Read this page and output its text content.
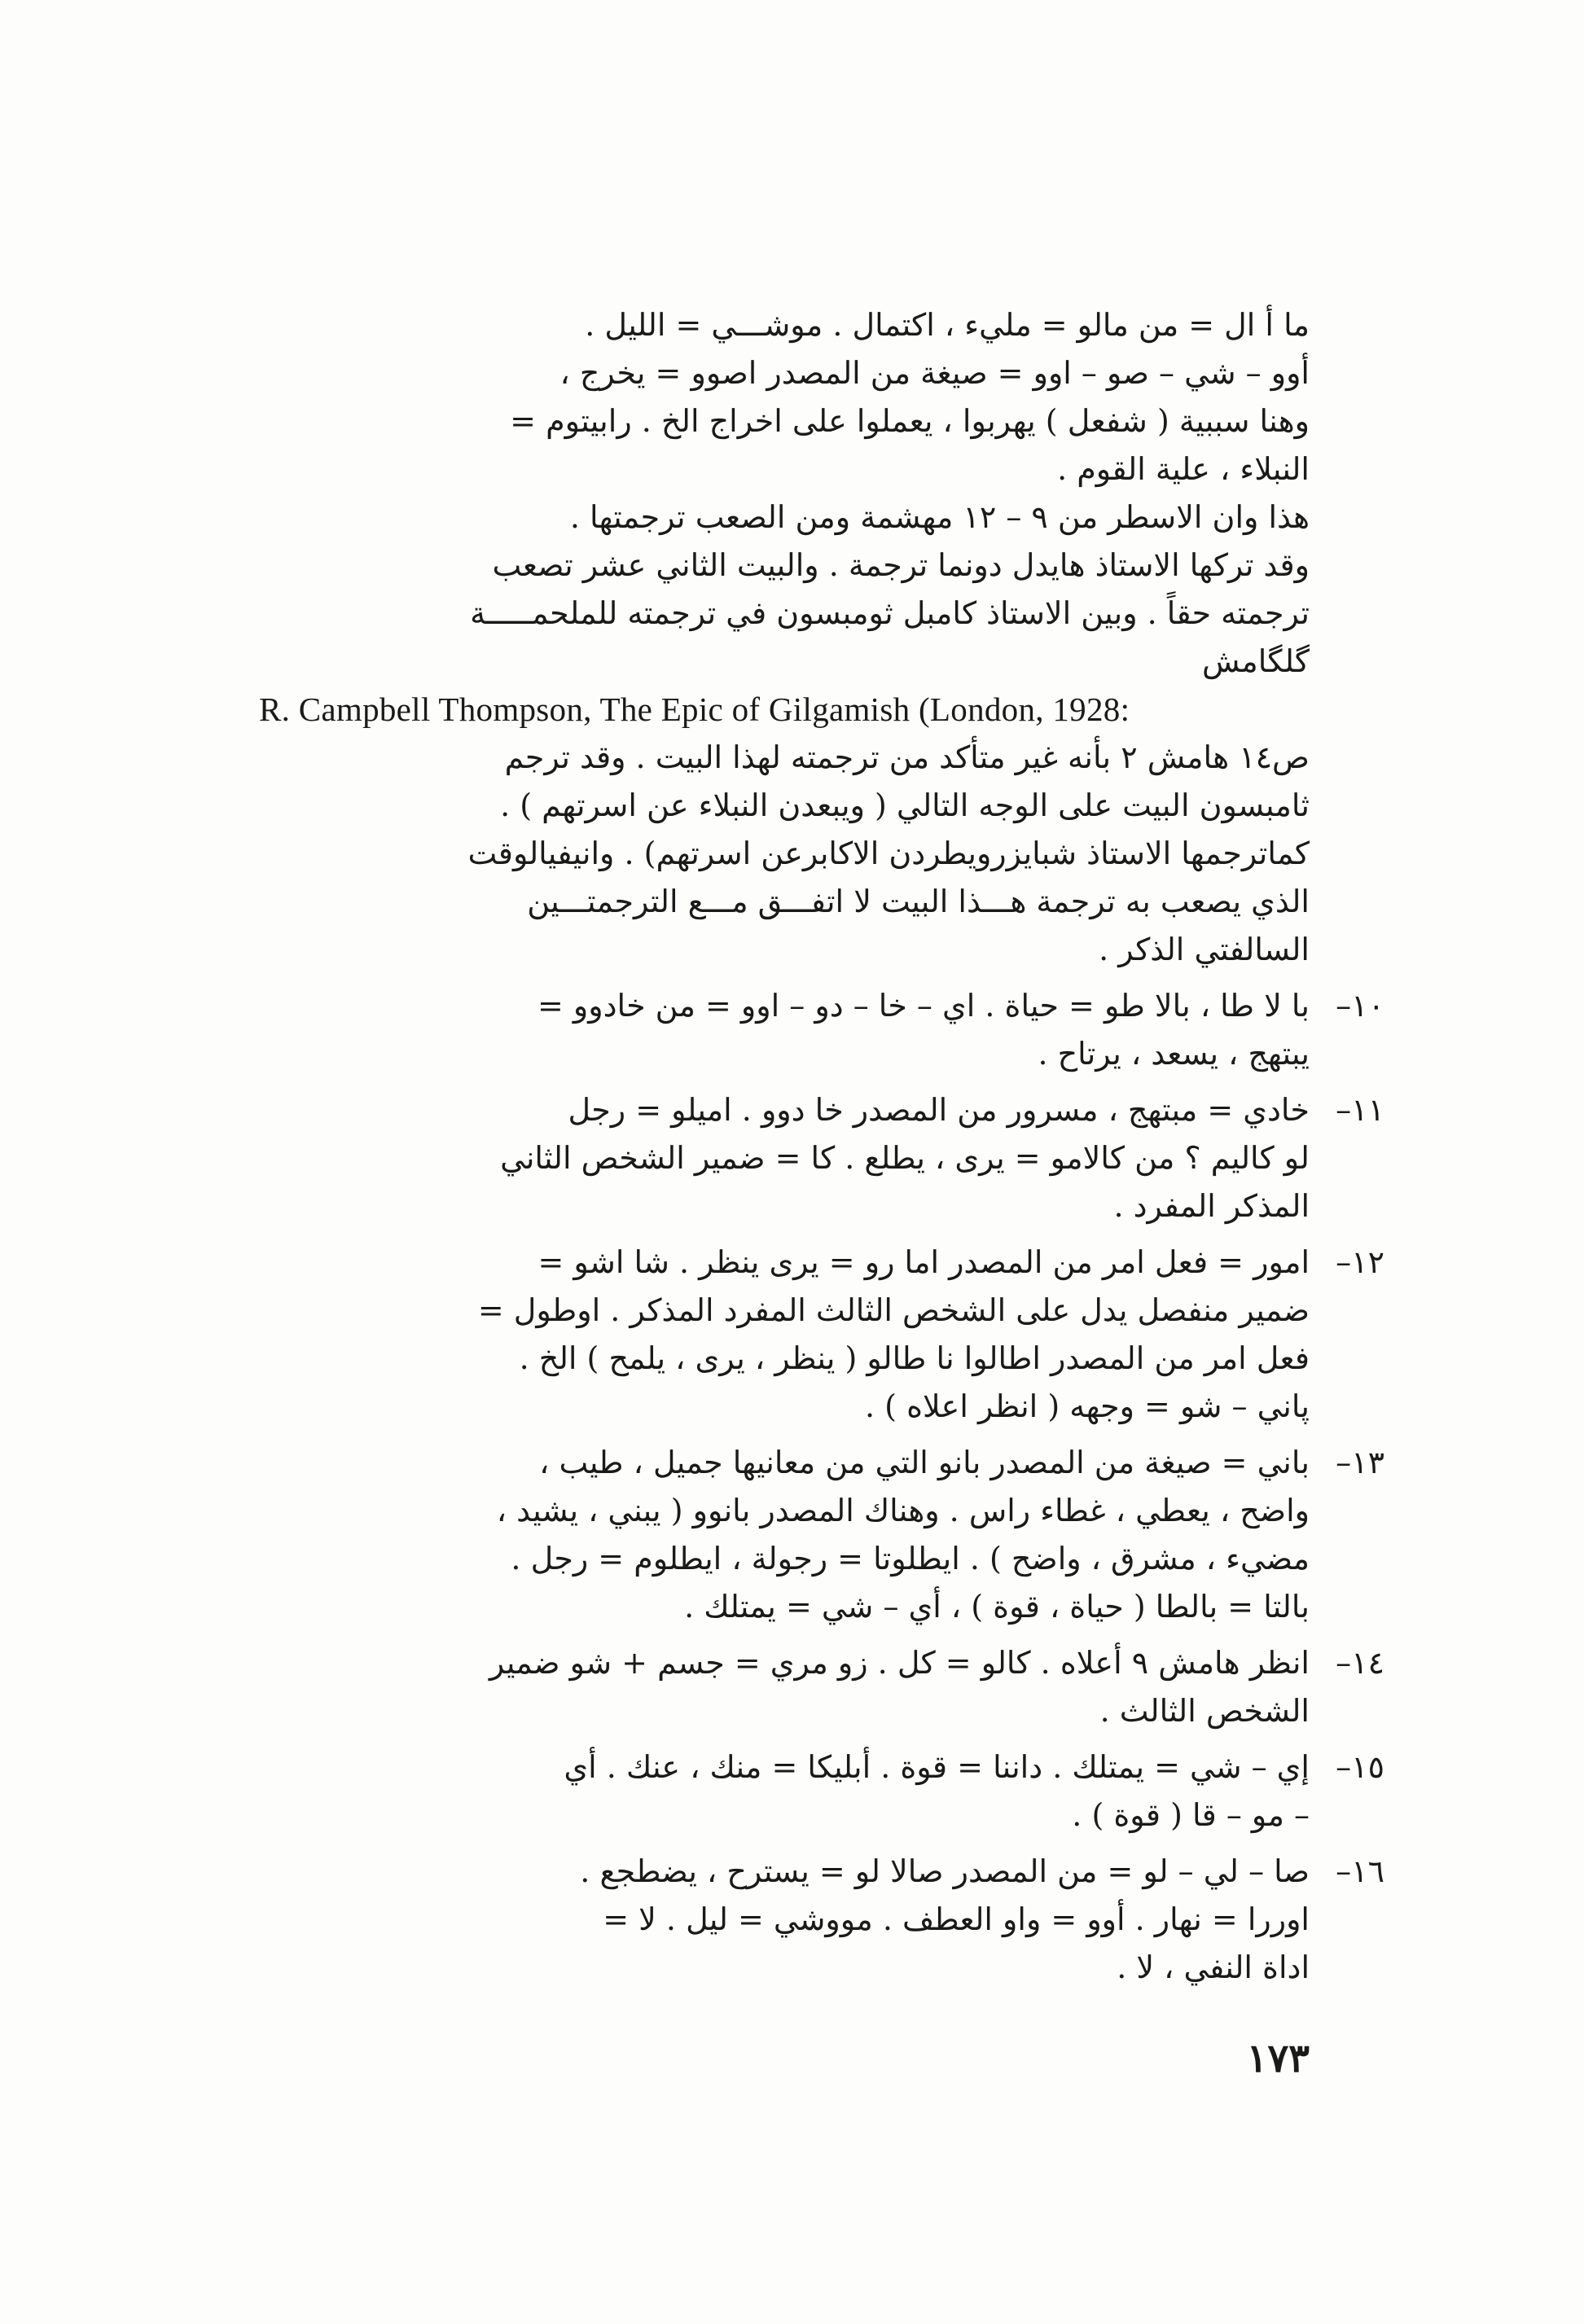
ما أ ال = من مالو = مليء ، اكتمال . موشـــي = الليل .
أوو – شي – صو – اوو = صيغة من المصدر اصوو = يخرج ،
وهنا سببية ( شفعل ) يهربوا ، يعملوا على اخراج الخ . رابيتوم =
النبلاء ، علية القوم .
هذا وان الاسطر من ٩ – ١٢ مهشمة ومن الصعب ترجمتها .
وقد تركها الاستاذ هايدل دونما ترجمة . والبيت الثاني عشر تصعب
ترجمته حقاً . وبين الاستاذ كامبل ثومبسون في ترجمته للملحمـــــة
گلگامش
R. Campbell Thompson, The Epic of Gilgamish (London, 1928:
ص١٤ هامش ٢ بأنه غير متأكد من ترجمته لهذا البيت . وقد ترجم
ثامبسون البيت على الوجه التالي ( ويبعدن النبلاء عن اسرتهم ) .
كماترجمها الاستاذ شبايزرويطردن الاكابرعن اسرتهم) . وانيفيالوقت
الذي يصعب به ترجمة هـــذا البيت لا اتفـــق مـــع الترجمتـــين
السالفتي الذكر .
١٠–
با لا طا ، بالا طو = حياة . اي – خا – دو – اوو = من خادوو =
يبتهج ، يسعد ، يرتاح .
١١–
خادي = مبتهج ، مسرور من المصدر خا دوو . اميلو = رجل
لو كاليم ؟ من كالامو = يرى ، يطلع . كا = ضمير الشخص الثاني
المذكر المفرد .
١٢–
امور = فعل امر من المصدر اما رو = يرى ينظر . شا اشو =
ضمير منفصل يدل على الشخص الثالث المفرد المذكر . اوطول =
فعل امر من المصدر اطالوا نا طالو ( ينظر ، يرى ، يلمح ) الخ .
پاني – شو = وجهه ( انظر اعلاه ) .
١٣–
باني = صيغة من المصدر بانو التي من معانيها جميل ، طيب ،
واضح ، يعطي ، غطاء راس . وهناك المصدر بانوو ( يبني ، يشيد ،
مضيء ، مشرق ، واضح ) . ايطلوتا = رجولة ، ايطلوم = رجل .
بالتا = بالطا ( حياة ، قوة ) ، أي – شي = يمتلك .
١٤–
انظر هامش ٩ أعلاه . كالو = كل . زو مري = جسم + شو ضمير
الشخص الثالث .
١٥–
إي – شي = يمتلك . داننا = قوة . أبليكا = منك ، عنك . أي
– مو – قا ( قوة ) .
١٦–
صا – لي – لو = من المصدر صالا لو = يسترح ، يضطجع .
اوررا = نهار . أوو = واو العطف . مووشي = ليل . لا =
اداة النفي ، لا .
١٧٣
